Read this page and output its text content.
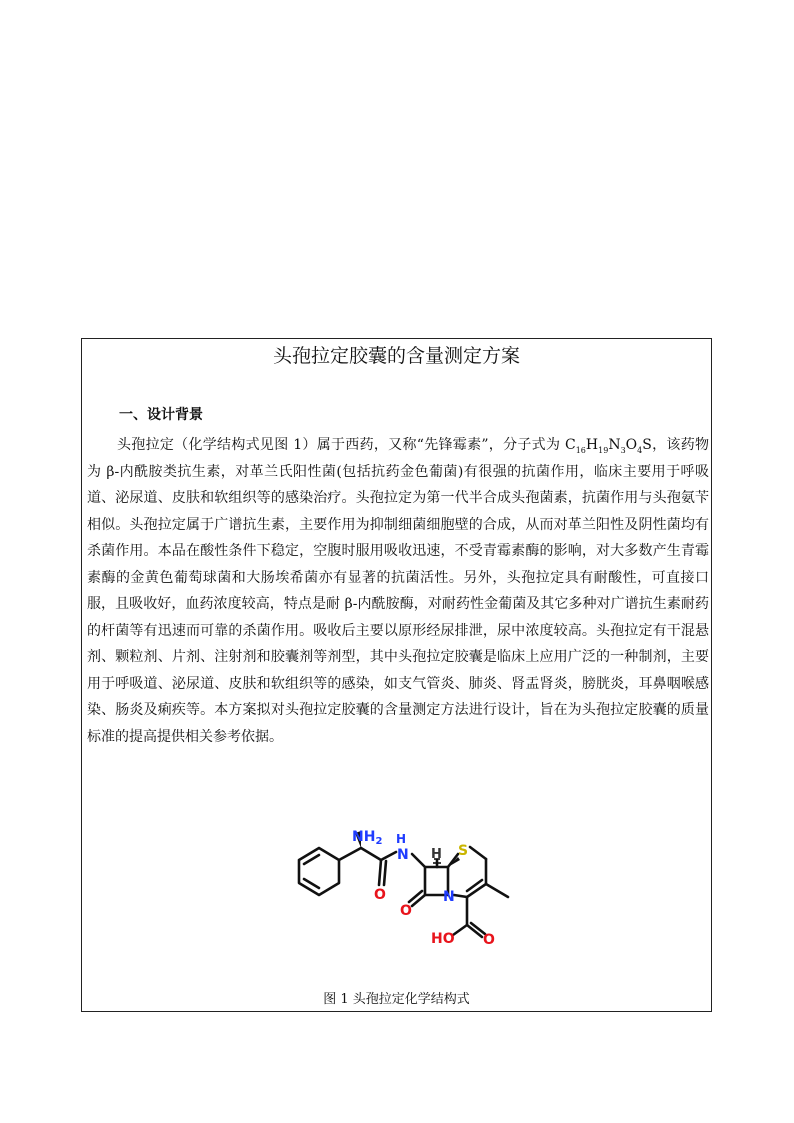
头孢拉定胶囊的含量测定方案
一、设计背景

头孢拉定（化学结构式见图 1）属于西药，又称“先锋霉素”，分子式为 $C_{16}H_{19}N_3O_4S$，该药物为 β-内酰胺类抗生素，对革兰氏阳性菌(包括抗药金色葡菌)有很强的抗菌作用，临床主要用于呼吸道、泌尿道、皮肤和软组织等的感染治疗。头孢拉定为第一代半合成头孢菌素，抗菌作用与头孢氨苄相似。头孢拉定属于广谱抗生素，主要作用为抑制细菌细胞壁的合成，从而对革兰阳性及阴性菌均有杀菌作用。本品在酸性条件下稳定，空腹时服用吸收迅速，不受青霉素酶的影响，对大多数产生青霉素酶的金黄色葡萄球菌和大肠埃希菌亦有显著的抗菌活性。另外，头孢拉定具有耐酸性，可直接口服，且吸收好，血药浓度较高，特点是耐 β-内酰胺酶，对耐药性金葡菌及其它多种对广谱抗生素耐药的杆菌等有迅速而可靠的杀菌作用。吸收后主要以原形经尿排泄，尿中浓度较高。头孢拉定有干混悬剂、颗粒剂、片剂、注射剂和胶囊剂等剂型，其中头孢拉定胶囊是临床上应用广泛的一种制剂，主要用于呼吸道、泌尿道、皮肤和软组织等的感染，如支气管炎、肺炎、肾盂肾炎，膀胱炎，耳鼻咽喉感染、肠炎及痢疾等。本方案拟对头孢拉定胶囊的含量测定方法进行设计，旨在为头孢拉定胶囊的质量标准的提高提供相关参考依据。

$NH_2$ H
N H S
N
O
O
HO O
图 1 头孢拉定化学结构式
